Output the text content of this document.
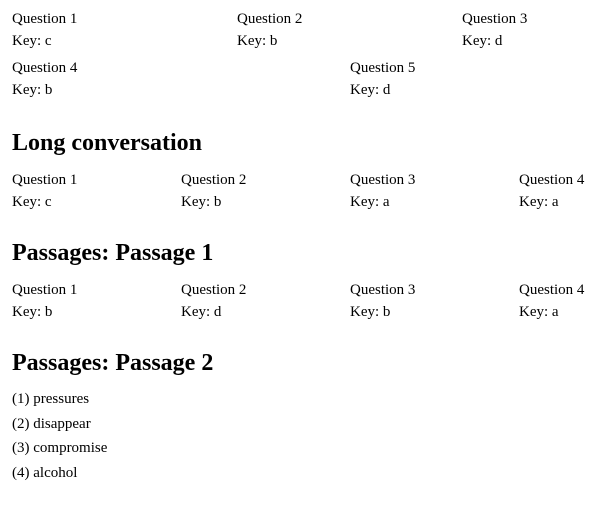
Question 1
Key: c
Question 2
Key: b
Question 3
Key: d
Question 4
Key: b
Question 5
Key: d
Long conversation
Question 1
Key: c
Question 2
Key: b
Question 3
Key: a
Question 4
Key: a
Passages: Passage 1
Question 1
Key: b
Question 2
Key: d
Question 3
Key: b
Question 4
Key: a
Passages: Passage 2
(1) pressures
(2) disappear
(3) compromise
(4) alcohol
